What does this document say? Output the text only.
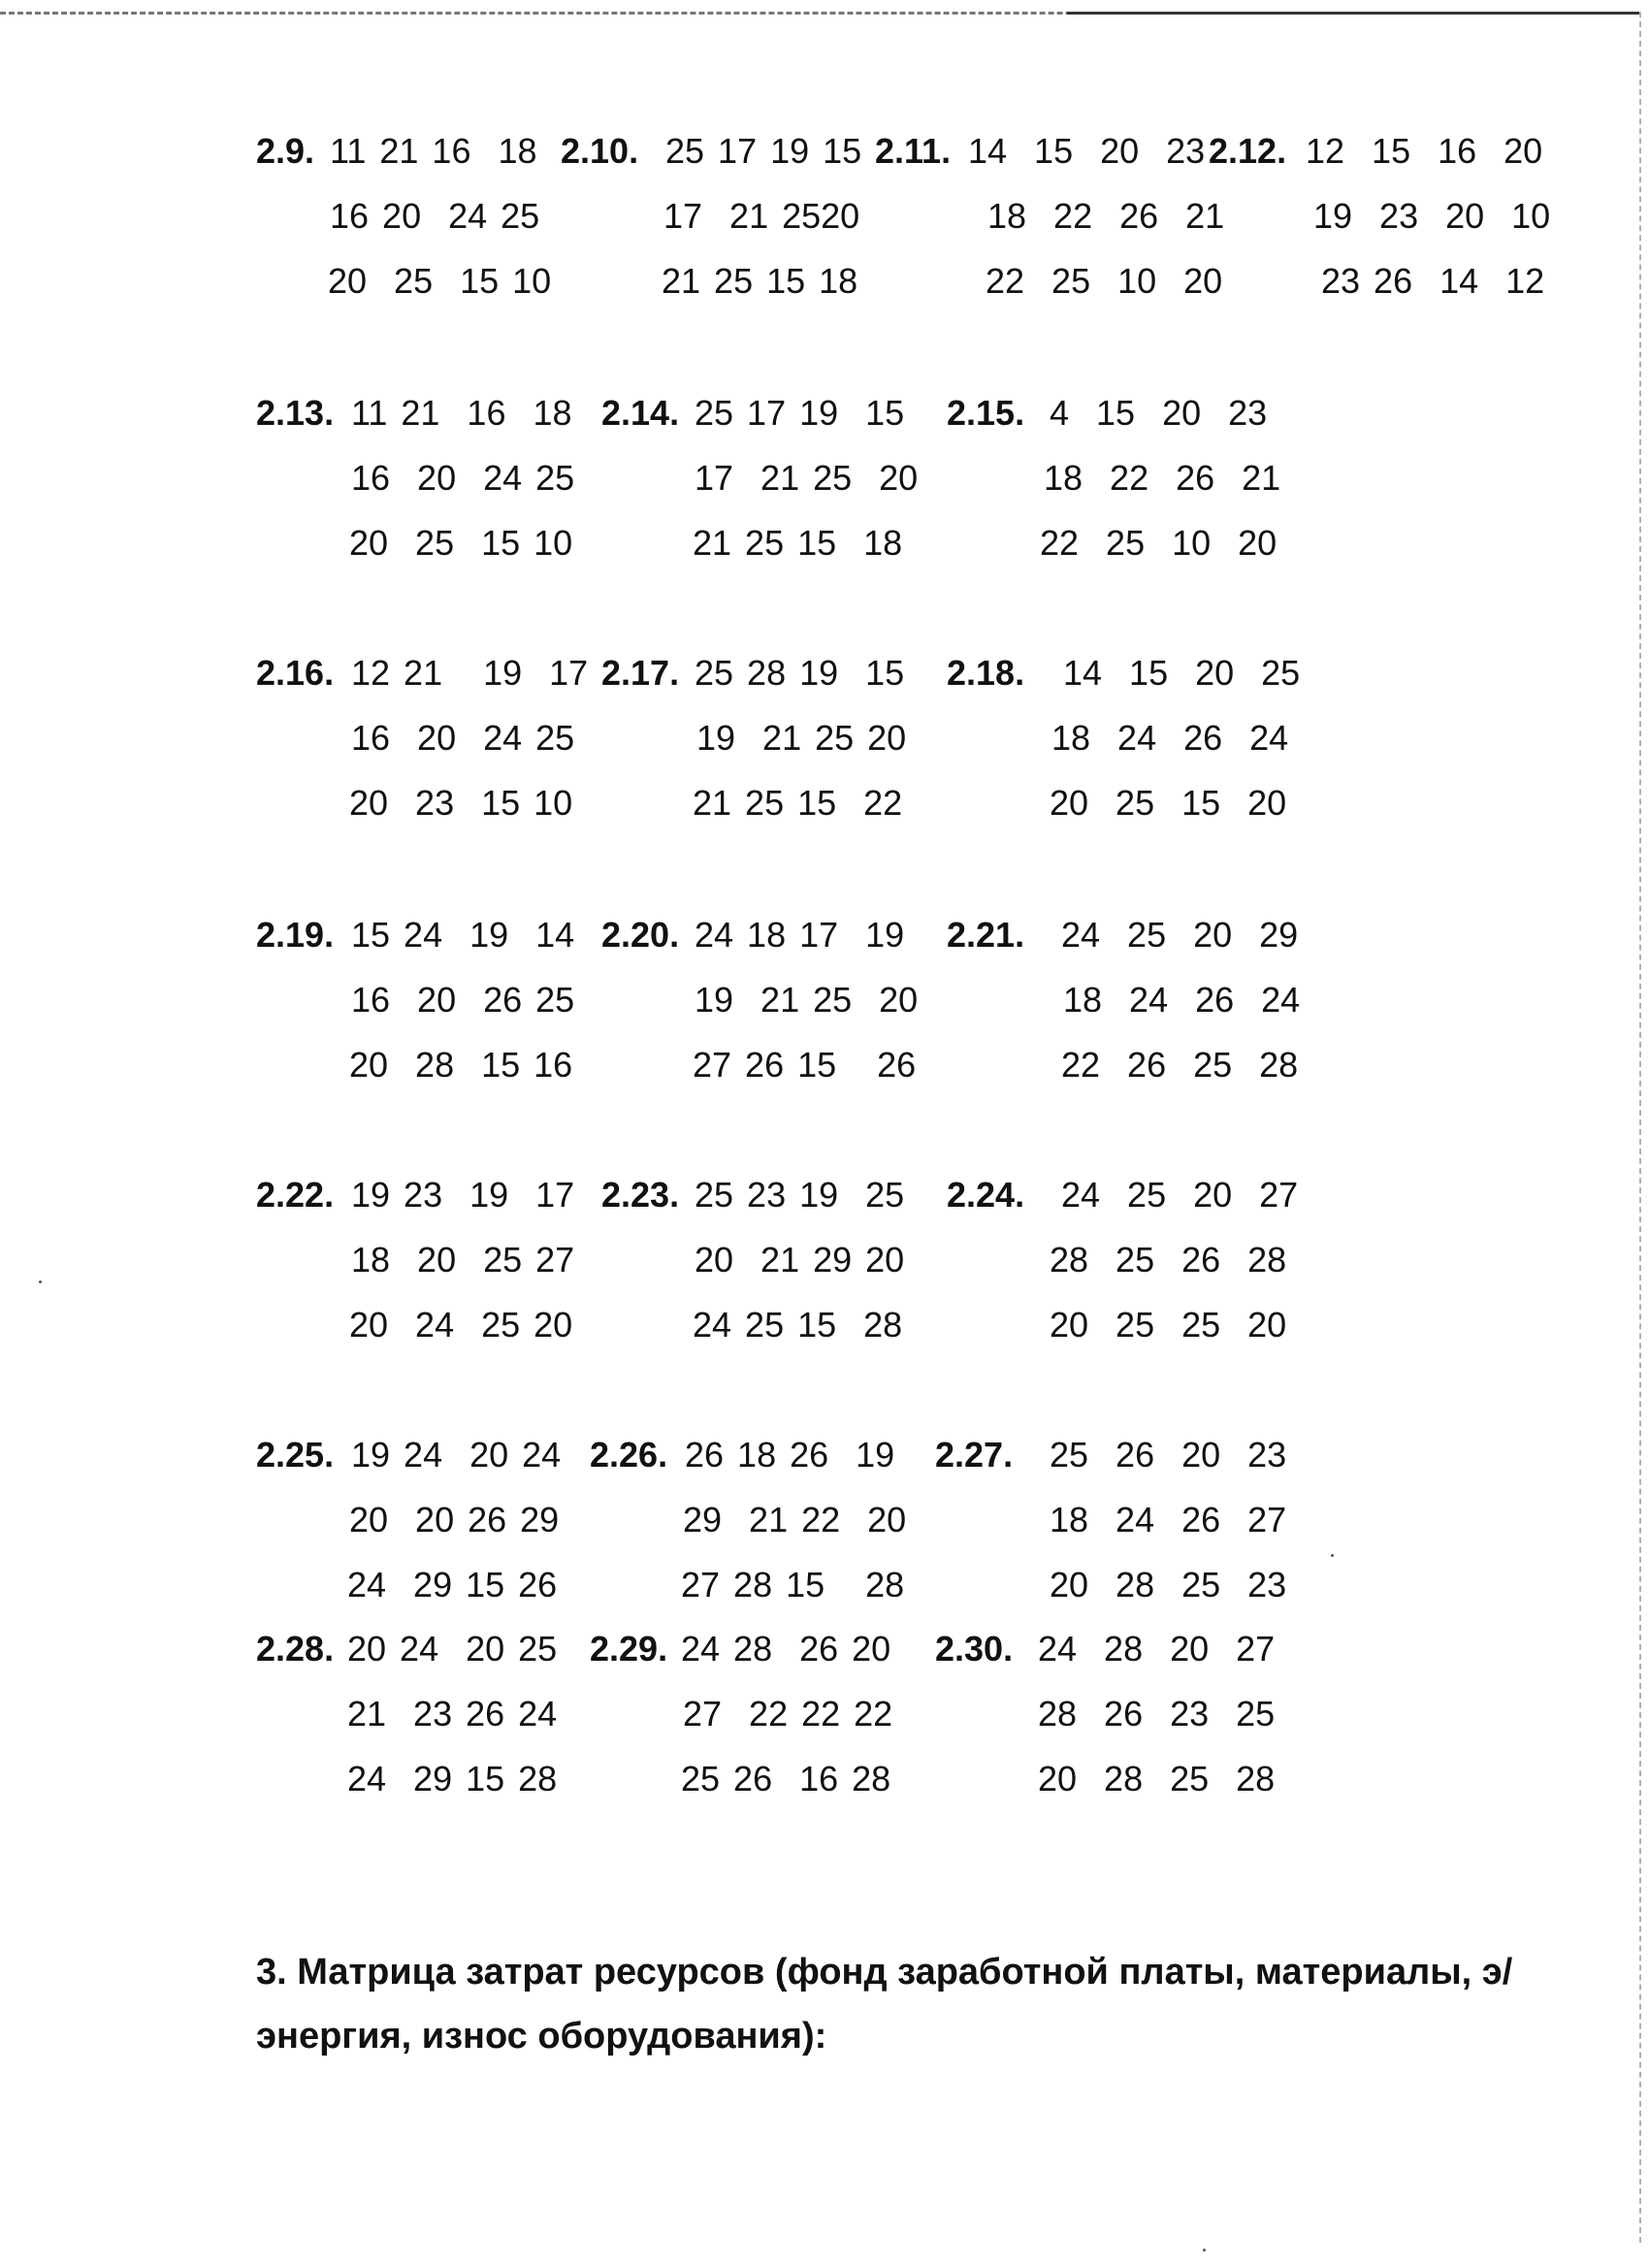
2.9. 11 21 16  18
16 20  24 25
20  25  15 10
2.10. 25 17 19 15
17  21 2520
21 25 15 18
2.11. 14  15  20  23
18  22  26  21
22  25  10  20
2.12. 12  15  16  20
19  23  20  10
23 26  14  12
2.13. 11 21  16  18
16  20  24 25
20  25  15 10
2.14. 25 17 19  15
17  21 25  20
21 25 15  18
2.15. 4  15  20  23
18  22  26  21
22  25  10  20
2.16. 12 21   19  17
16  20  24 25
20  23  15 10
2.17. 25 28 19  15
19  21 25 20
21 25 15  22
2.18. 14  15  20  25
18  24  26  24
20  25  15  20
2.19. 15 24  19  14
16  20  26 25
20  28  15 16
2.20. 24 18 17  19
19  21 25  20
27 26 15   26
2.21. 24  25  20  29
18  24  26  24
22  26  25  28
2.22. 19 23  19  17
18  20  25 27
20  24  25 20
2.23. 25 23 19  25
20  21 29 20
24 25 15  28
2.24. 24  25  20  27
28  25  26  28
20  25  25  20
2.25. 19 24  20 24
20  20 26 29
24  29 15 26
2.26. 26 18 26  19
29  21 22  20
27 28 15   28
2.27. 25  26  20  23
18  24  26  27
20  28  25  23
2.28. 20 24  20 25
21  23 26 24
24  29 15 28
2.29. 24 28  26 20
27  22 22 22
25 26  16 28
2.30. 24  28  20  27
28  26  23  25
20  28  25  28
3. Матрица затрат ресурсов (фонд заработной платы, материалы, э/энергия, износ оборудования):
